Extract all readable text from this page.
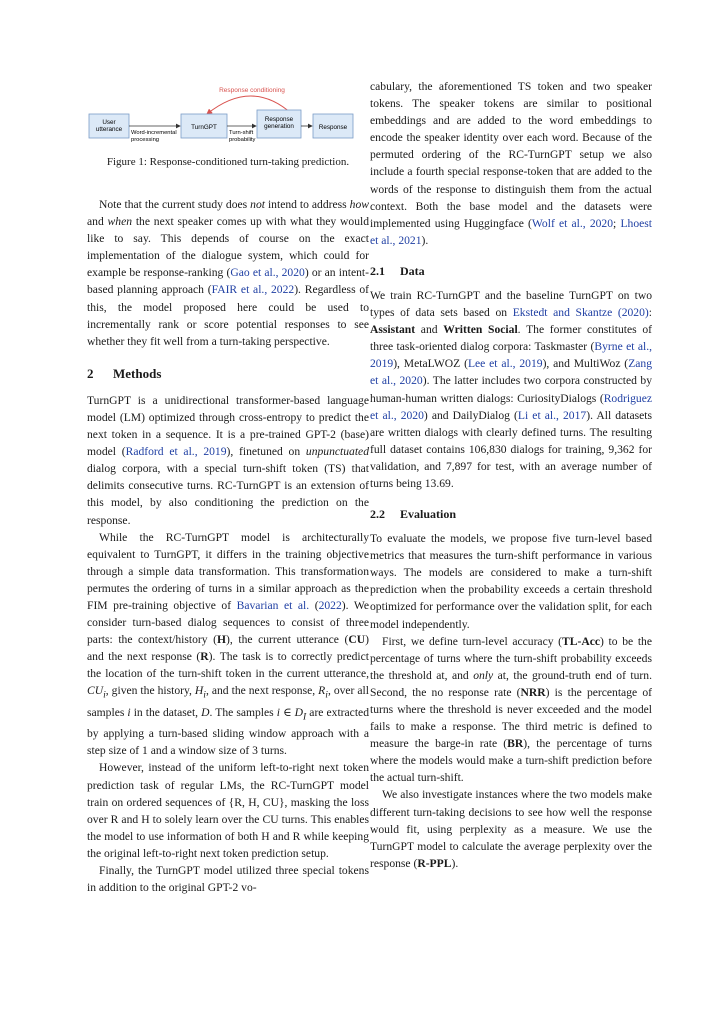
Response conditioning
User utterance	TurnGPT
Response generation	Response
Word-incremental processing
Turn-shift probability

Figure 1: Response-conditioned turn-taking prediction.

Note that the current study does not intend to address how and when the next speaker comes up with what they would like to say. This depends of course on the exact implementation of the dialogue system, which could for example be response-ranking (Gao et al., 2020) or an intent-based planning approach (FAIR et al., 2022). Regardless of this, the model proposed here could be used to incrementally rank or score potential responses to see whether they fit well from a turn-taking perspective.

2 Methods

TurnGPT is a unidirectional transformer-based language model (LM) optimized through cross-entropy to predict the next token in a sequence. It is a pre-trained GPT-2 (base) model (Radford et al., 2019), finetuned on unpunctuated dialog corpora, with a special turn-shift token (TS) that delimits consecutive turns. RC-TurnGPT is an extension of this model, by also conditioning the prediction on the response.

While the RC-TurnGPT model is architecturally equivalent to TurnGPT, it differs in the training objective through a simple data transformation. This transformation permutes the ordering of turns in a similar approach as the FIM pre-training objective of Bavarian et al. (2022). We consider turn-based dialog sequences to consist of three parts: the context/history (H), the current utterance (CU) and the next response (R). The task is to correctly predict the location of the turn-shift token in the current utterance, $CU_i$, given the history, $H_i$, and the next response, $R_i$, over all samples i in the dataset, D. The samples i ∈ $D_I$ are extracted by applying a turn-based sliding window approach with a step size of 1 and a window size of 3 turns.

However, instead of the uniform left-to-right next token prediction task of regular LMs, the RC-TurnGPT model train on ordered sequences of {R, H, CU}, masking the loss over R and H to solely learn over the CU turns. This enables the model to use information of both H and R while keeping the original left-to-right next token prediction setup.

Finally, the TurnGPT model utilized three special tokens in addition to the original GPT-2 vo-

cabulary, the aforementioned TS token and two speaker tokens. The speaker tokens are similar to positional embeddings and are added to the word embeddings to encode the speaker identity over each word. Because of the permuted ordering of the RC-TurnGPT setup we also include a fourth special response-token that are added to the words of the response to distinguish them from the actual context. Both the base model and the datasets were implemented using Huggingface (Wolf et al., 2020; Lhoest et al., 2021).

2.1 Data

We train RC-TurnGPT and the baseline TurnGPT on two types of data sets based on Ekstedt and Skantze (2020): Assistant and Written Social. The former constitutes of three task-oriented dialog corpora: Taskmaster (Byrne et al., 2019), MetaLWOZ (Lee et al., 2019), and MultiWoz (Zang et al., 2020). The latter includes two corpora constructed by human-human written dialogs: CuriosityDialogs (Rodriguez et al., 2020) and DailyDialog (Li et al., 2017). All datasets are written dialogs with clearly defined turns. The resulting full dataset contains 106,830 dialogs for training, 9,362 for validation, and 7,897 for test, with an average number of turns being 13.69.

2.2 Evaluation

To evaluate the models, we propose five turn-level based metrics that measures the turn-shift performance in various ways. The models are considered to make a turn-shift prediction when the probability exceeds a certain threshold optimized for performance over the validation split, for each model independently.

First, we define turn-level accuracy (TL-Acc) to be the percentage of turns where the turn-shift probability exceeds the threshold at, and only at, the ground-truth end of turn. Second, the no response rate (NRR) is the percentage of turns where the threshold is never exceeded and the model fails to make a response. The third metric is defined to measure the barge-in rate (BR), the percentage of turns where the models would make a turn-shift prediction before the actual turn-shift.

We also investigate instances where the two models make different turn-taking decisions to see how well the response would fit, using perplexity as a measure. We use the TurnGPT model to calculate the average perplexity over the response (R-PPL).
